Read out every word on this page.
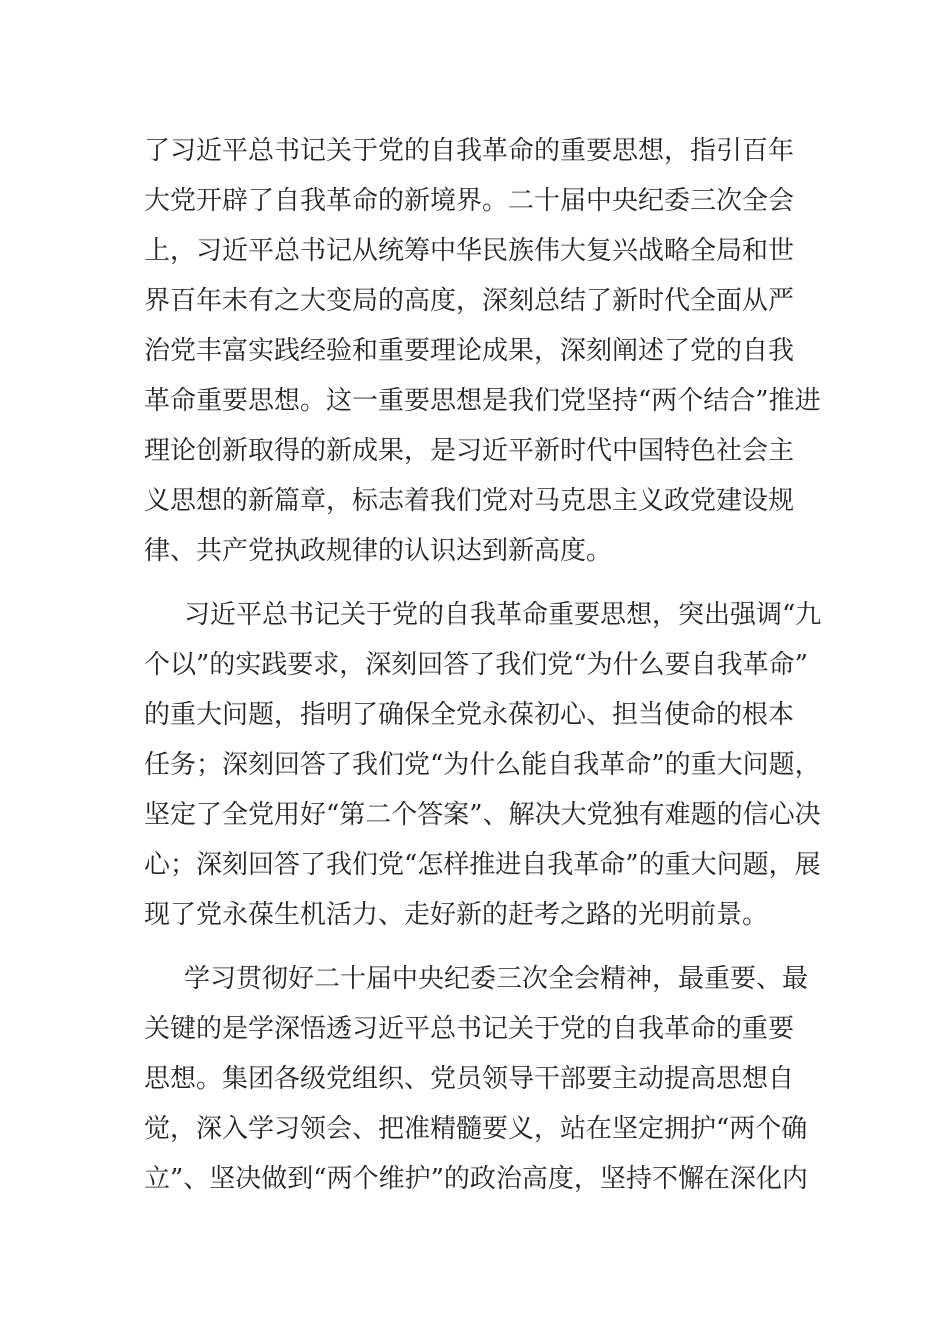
了习近平总书记关于党的自我革命的重要思想，指引百年
大党开辟了自我革命的新境界。二十届中央纪委三次全会
上，习近平总书记从统筹中华民族伟大复兴战略全局和世
界百年未有之大变局的高度，深刻总结了新时代全面从严
治党丰富实践经验和重要理论成果，深刻阐述了党的自我
革命重要思想。这一重要思想是我们党坚持“两个结合”推进
理论创新取得的新成果，是习近平新时代中国特色社会主
义思想的新篇章，标志着我们党对马克思主义政党建设规
律、共产党执政规律的认识达到新高度。
习近平总书记关于党的自我革命重要思想，突出强调“九
个以”的实践要求，深刻回答了我们党“为什么要自我革命”
的重大问题，指明了确保全党永葆初心、担当使命的根本
任务；深刻回答了我们党“为什么能自我革命”的重大问题，
坚定了全党用好“第二个答案”、解决大党独有难题的信心决
心；深刻回答了我们党“怎样推进自我革命”的重大问题，展
现了党永葆生机活力、走好新的赶考之路的光明前景。
学习贯彻好二十届中央纪委三次全会精神，最重要、最
关键的是学深悟透习近平总书记关于党的自我革命的重要
思想。集团各级党组织、党员领导干部要主动提高思想自
觉，深入学习领会、把准精髓要义，站在坚定拥护“两个确
立”、坚决做到“两个维护”的政治高度，坚持不懈在深化内
